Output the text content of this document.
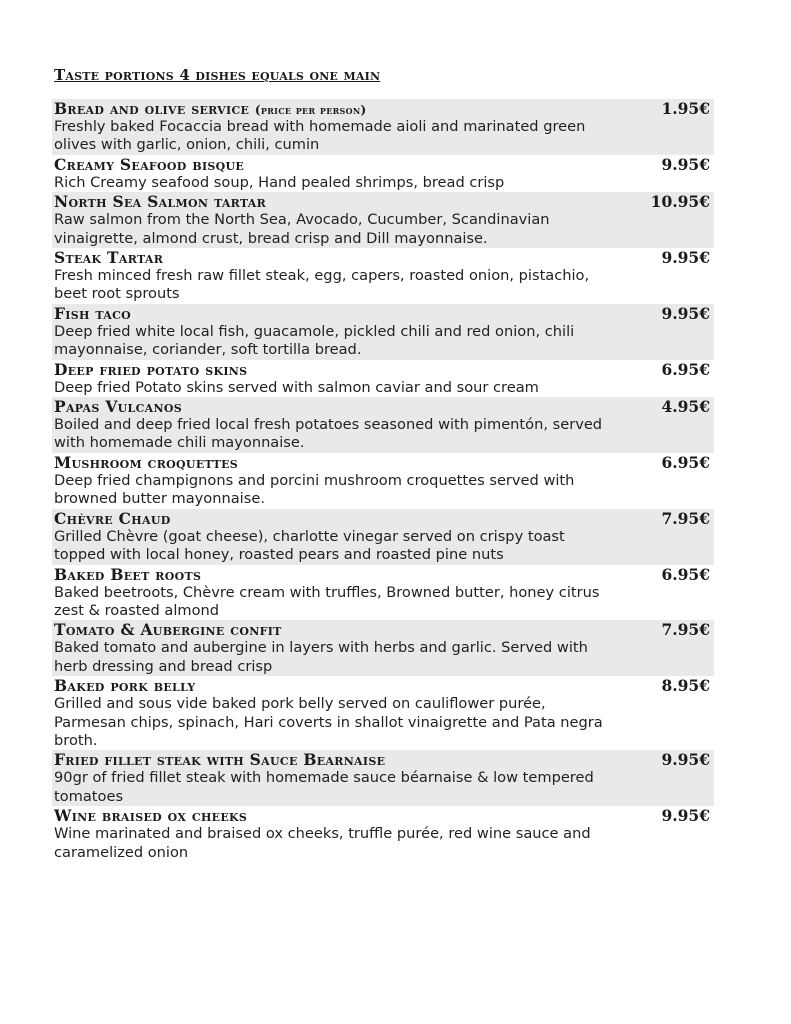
Taste portions 4 dishes equals one main
Bread and olive service (price per person)	1.95€
Freshly baked Focaccia bread with homemade aioli and marinated green olives with garlic, onion, chili, cumin
Creamy Seafood bisque	9.95€
Rich Creamy seafood soup, Hand pealed shrimps, bread crisp
North Sea Salmon tartar	10.95€
Raw salmon from the North Sea, Avocado, Cucumber, Scandinavian vinaigrette, almond crust, bread crisp and Dill mayonnaise.
Steak Tartar	9.95€
Fresh minced fresh raw fillet steak, egg, capers, roasted onion, pistachio, beet root sprouts
Fish taco	9.95€
Deep fried white local fish, guacamole, pickled chili and red onion, chili mayonnaise, coriander, soft tortilla bread.
Deep fried potato skins	6.95€
Deep fried Potato skins served with salmon caviar and sour cream
Papas Vulcanos	4.95€
Boiled and deep fried local fresh potatoes seasoned with pimentón, served with homemade chili mayonnaise.
Mushroom croquettes	6.95€
Deep fried champignons and porcini mushroom croquettes served with browned butter mayonnaise.
Chèvre Chaud	7.95€
Grilled Chèvre (goat cheese), charlotte vinegar served on crispy toast topped with local honey, roasted pears and roasted pine nuts
Baked Beet roots	6.95€
Baked beetroots, Chèvre cream with truffles, Browned butter, honey citrus zest & roasted almond
Tomato & Aubergine confit	7.95€
Baked tomato and aubergine in layers with herbs and garlic. Served with herb dressing and bread crisp
Baked pork belly	8.95€
Grilled and sous vide baked pork belly served on cauliflower purée, Parmesan chips, spinach, Hari coverts in shallot vinaigrette and Pata negra broth.
Fried fillet steak with Sauce Bearnaise	9.95€
90gr of fried fillet steak with homemade sauce béarnaise & low tempered tomatoes
Wine braised ox cheeks	9.95€
Wine marinated and braised ox cheeks, truffle purée, red wine sauce and caramelized onion
